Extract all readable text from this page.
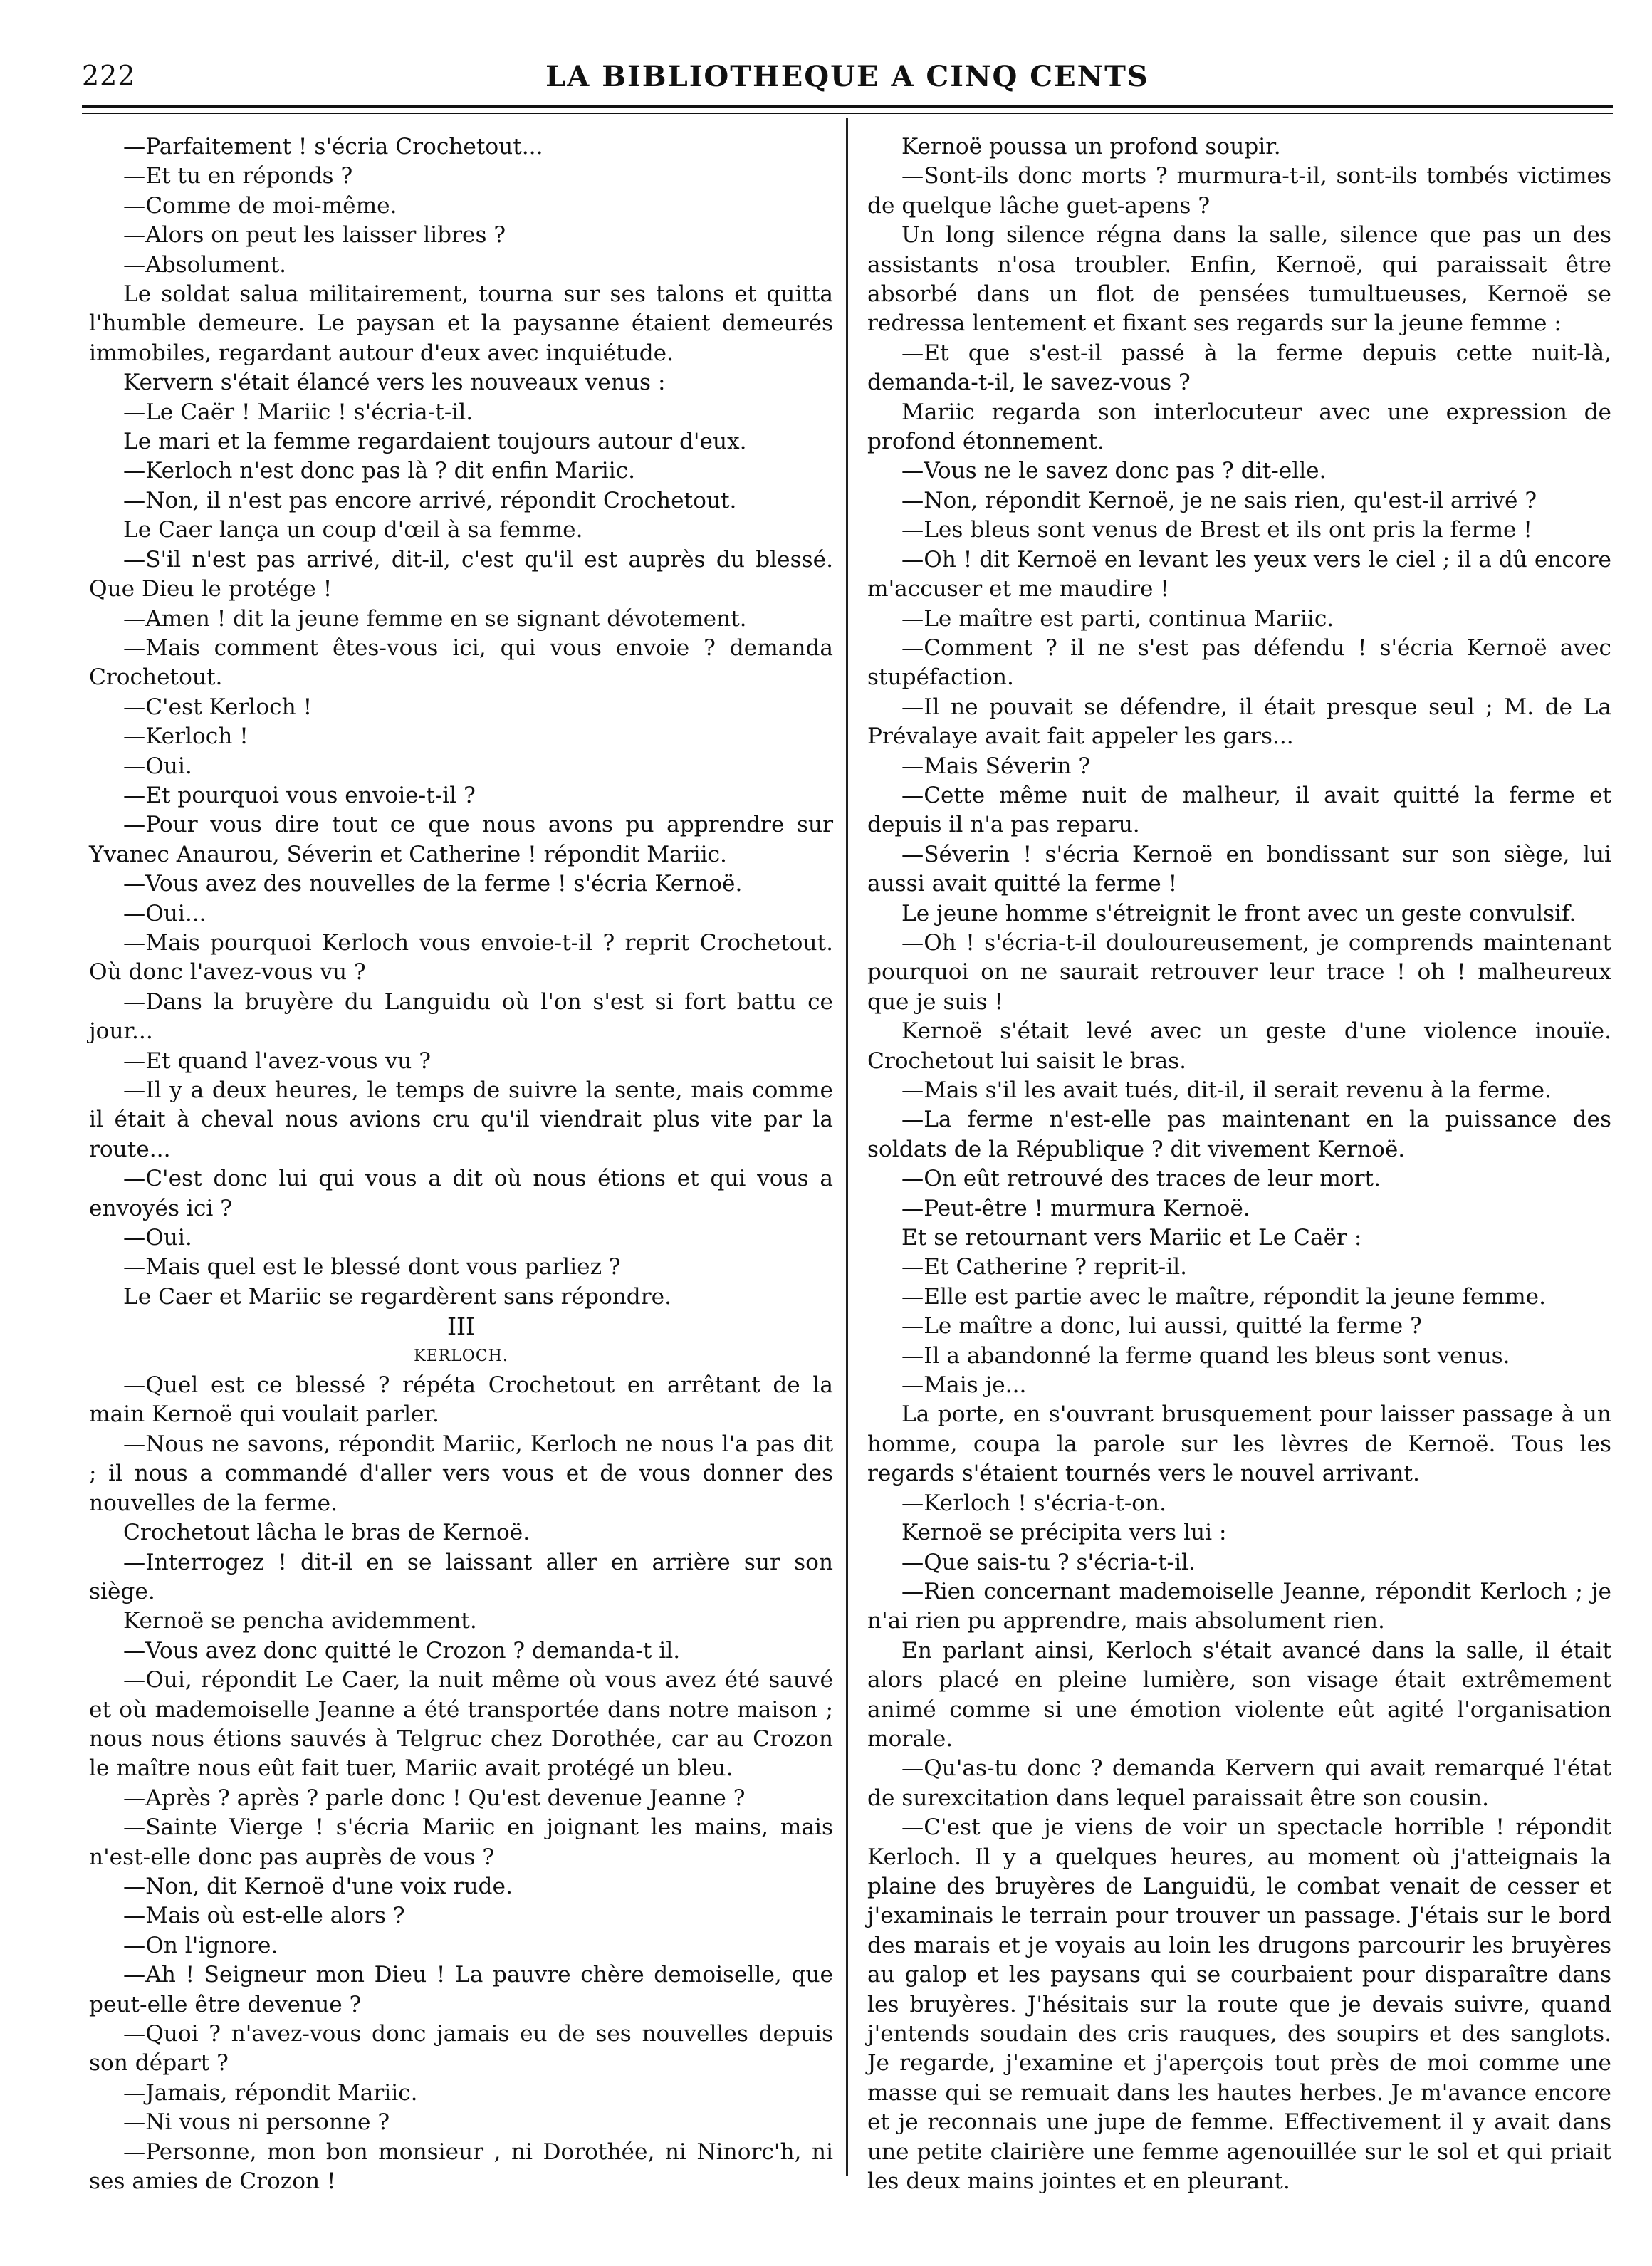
222	LA BIBLIOTHEQUE A CINQ CENTS

—Parfaitement ! s'écria Crochetout...

—Et tu en réponds ?

—Comme de moi-même.

—Alors on peut les laisser libres ?

—Absolument.

Le soldat salua militairement, tourna sur ses talons et quitta l'humble demeure. Le paysan et la paysanne étaient demeurés immobiles, regardant autour d'eux avec inquiétude.

Kervern s'était élancé vers les nouveaux venus :

—Le Caër ! Mariic ! s'écria-t-il.

Le mari et la femme regardaient toujours autour d'eux.

—Kerloch n'est donc pas là ? dit enfin Mariic.

—Non, il n'est pas encore arrivé, répondit Crochetout.

Le Caer lança un coup d'œil à sa femme.

—S'il n'est pas arrivé, dit-il, c'est qu'il est auprès du blessé. Que Dieu le protége !

—Amen ! dit la jeune femme en se signant dévotement.

—Mais comment êtes-vous ici, qui vous envoie ? demanda Crochetout.

—C'est Kerloch !

—Kerloch !

—Oui.

—Et pourquoi vous envoie-t-il ?

—Pour vous dire tout ce que nous avons pu apprendre sur Yvanec Anaurou, Séverin et Catherine ! répondit Mariic.

—Vous avez des nouvelles de la ferme ! s'écria Kernoë.

—Oui...

—Mais pourquoi Kerloch vous envoie-t-il ? reprit Crochetout. Où donc l'avez-vous vu ?

—Dans la bruyère du Languidu où l'on s'est si fort battu ce jour...

—Et quand l'avez-vous vu ?

—Il y a deux heures, le temps de suivre la sente, mais comme il était à cheval nous avions cru qu'il viendrait plus vite par la route...

—C'est donc lui qui vous a dit où nous étions et qui vous a envoyés ici ?

—Oui.

—Mais quel est le blessé dont vous parliez ?

Le Caer et Mariic se regardèrent sans répondre.

III

KERLOCH.

—Quel est ce blessé ? répéta Crochetout en arrêtant de la main Kernoë qui voulait parler.

—Nous ne savons, répondit Mariic, Kerloch ne nous l'a pas dit ; il nous a commandé d'aller vers vous et de vous donner des nouvelles de la ferme.

Crochetout lâcha le bras de Kernoë.

—Interrogez ! dit-il en se laissant aller en arrière sur son siège.

Kernoë se pencha avidemment.

—Vous avez donc quitté le Crozon ? demanda-t il.

—Oui, répondit Le Caer, la nuit même où vous avez été sauvé et où mademoiselle Jeanne a été transportée dans notre maison ; nous nous étions sauvés à Telgruc chez Dorothée, car au Crozon le maître nous eût fait tuer, Mariic avait protégé un bleu.

—Après ? après ? parle donc ! Qu'est devenue Jeanne ?

—Sainte Vierge ! s'écria Mariic en joignant les mains, mais n'est-elle donc pas auprès de vous ?

—Non, dit Kernoë d'une voix rude.

—Mais où est-elle alors ?

—On l'ignore.

—Ah ! Seigneur mon Dieu ! La pauvre chère demoiselle, que peut-elle être devenue ?

—Quoi ? n'avez-vous donc jamais eu de ses nouvelles depuis son départ ?

—Jamais, répondit Mariic.

—Ni vous ni personne ?

—Personne, mon bon monsieur , ni Dorothée, ni Ninorc'h, ni ses amies de Crozon !

Kernoë poussa un profond soupir.

—Sont-ils donc morts ? murmura-t-il, sont-ils tombés victimes de quelque lâche guet-apens ?

Un long silence régna dans la salle, silence que pas un des assistants n'osa troubler. Enfin, Kernoë, qui paraissait être absorbé dans un flot de pensées tumultueuses, Kernoë se redressa lentement et fixant ses regards sur la jeune femme :

—Et que s'est-il passé à la ferme depuis cette nuit-là, demanda-t-il, le savez-vous ?

Mariic regarda son interlocuteur avec une expression de profond étonnement.

—Vous ne le savez donc pas ? dit-elle.

—Non, répondit Kernoë, je ne sais rien, qu'est-il arrivé ?

—Les bleus sont venus de Brest et ils ont pris la ferme !

—Oh ! dit Kernoë en levant les yeux vers le ciel ; il a dû encore m'accuser et me maudire !

—Le maître est parti, continua Mariic.

—Comment ? il ne s'est pas défendu ! s'écria Kernoë avec stupéfaction.

—Il ne pouvait se défendre, il était presque seul ; M. de La Prévalaye avait fait appeler les gars...

—Mais Séverin ?

—Cette même nuit de malheur, il avait quitté la ferme et depuis il n'a pas reparu.

—Séverin ! s'écria Kernoë en bondissant sur son siège, lui aussi avait quitté la ferme !

Le jeune homme s'étreignit le front avec un geste convulsif.

—Oh ! s'écria-t-il douloureusement, je comprends maintenant pourquoi on ne saurait retrouver leur trace ! oh ! malheureux que je suis !

Kernoë s'était levé avec un geste d'une violence inouïe. Crochetout lui saisit le bras.

—Mais s'il les avait tués, dit-il, il serait revenu à la ferme.

—La ferme n'est-elle pas maintenant en la puissance des soldats de la République ? dit vivement Kernoë.

—On eût retrouvé des traces de leur mort.

—Peut-être ! murmura Kernoë.

Et se retournant vers Mariic et Le Caër :

—Et Catherine ? reprit-il.

—Elle est partie avec le maître, répondit la jeune femme.

—Le maître a donc, lui aussi, quitté la ferme ?

—Il a abandonné la ferme quand les bleus sont venus.

—Mais je...

La porte, en s'ouvrant brusquement pour laisser passage à un homme, coupa la parole sur les lèvres de Kernoë. Tous les regards s'étaient tournés vers le nouvel arrivant.

—Kerloch ! s'écria-t-on.

Kernoë se précipita vers lui :

—Que sais-tu ? s'écria-t-il.

—Rien concernant mademoiselle Jeanne, répondit Kerloch ; je n'ai rien pu apprendre, mais absolument rien.

En parlant ainsi, Kerloch s'était avancé dans la salle, il était alors placé en pleine lumière, son visage était extrêmement animé comme si une émotion violente eût agité l'organisation morale.

—Qu'as-tu donc ? demanda Kervern qui avait remarqué l'état de surexcitation dans lequel paraissait être son cousin.

—C'est que je viens de voir un spectacle horrible ! répondit Kerloch. Il y a quelques heures, au moment où j'atteignais la plaine des bruyères de Languidü, le combat venait de cesser et j'examinais le terrain pour trouver un passage. J'étais sur le bord des marais et je voyais au loin les drugons parcourir les bruyères au galop et les paysans qui se courbaient pour disparaître dans les bruyères. J'hésitais sur la route que je devais suivre, quand j'entends soudain des cris rauques, des soupirs et des sanglots. Je regarde, j'examine et j'aperçois tout près de moi comme une masse qui se remuait dans les hautes herbes. Je m'avance encore et je reconnais une jupe de femme. Effectivement il y avait dans une petite clairière une femme agenouillée sur le sol et qui priait les deux mains jointes et en pleurant.
